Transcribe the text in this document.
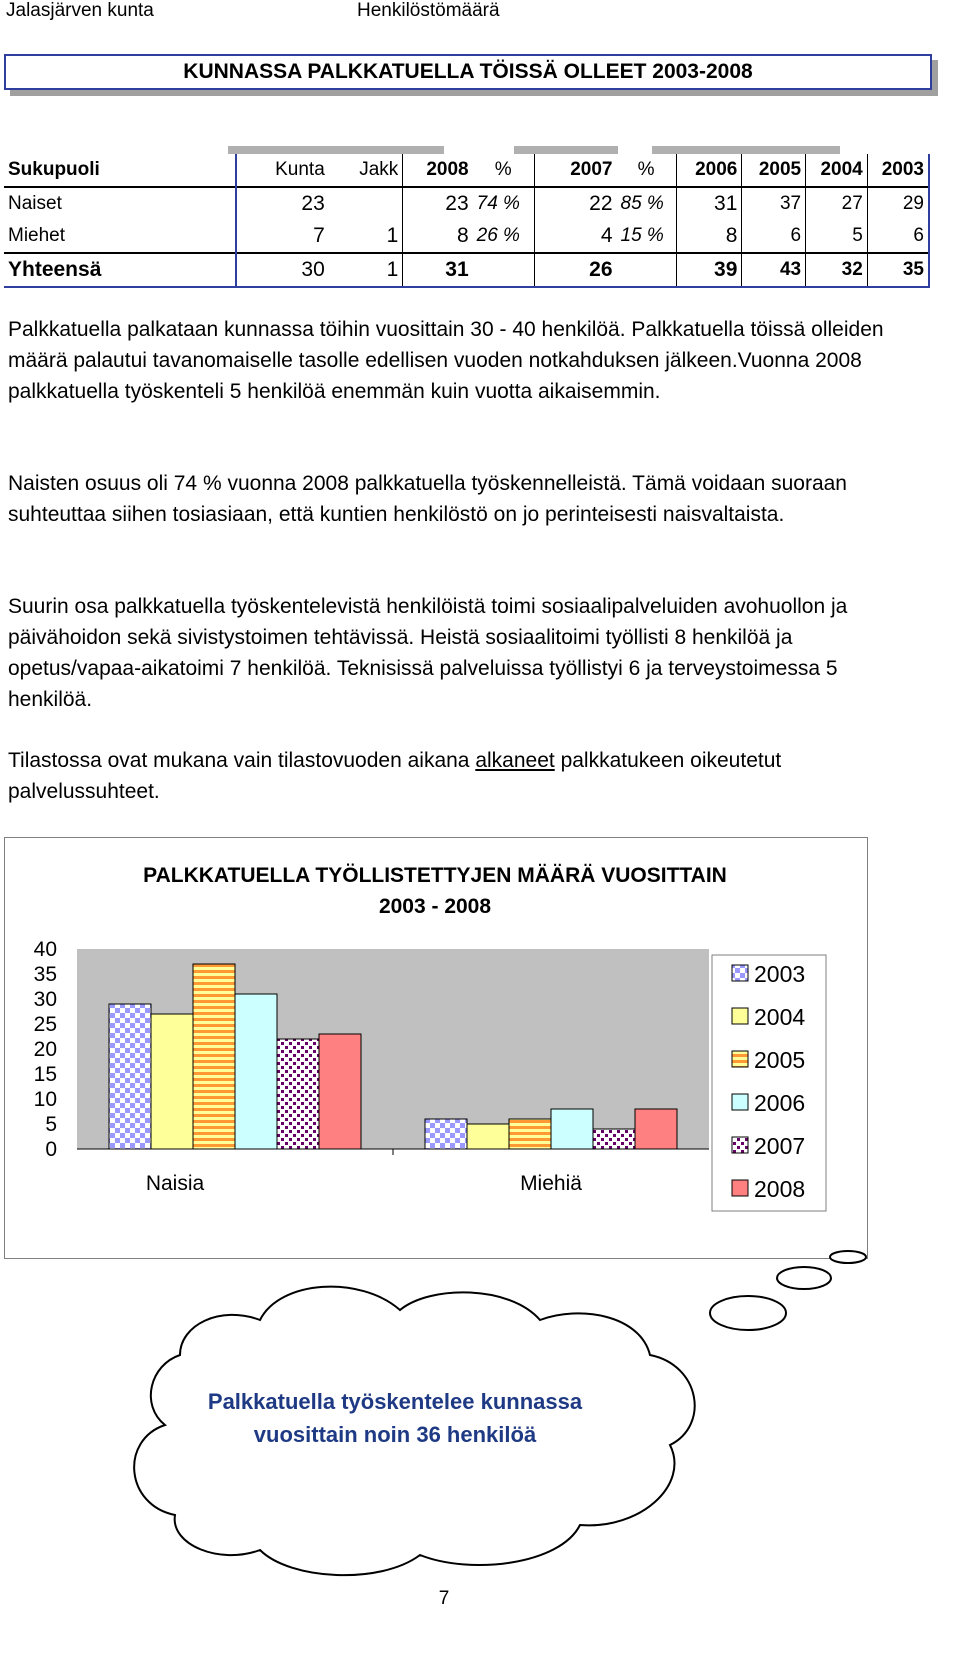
Jalasjärven kunta	Henkilöstömäärä
KUNNASSA PALKKATUELLA TÖISSÄ OLLEET 2003-2008
Sukupuoli	Kunta	Jakk	2008	%	2007	%	2006	2005	2004	2003
Naiset	23		23	74 %	22	85 %	31	37	27	29
Miehet	7	1	8	26 %	4	15 %	8	6	5	6
Yhteensä	30	1	31		26		39	43	32	35

Palkkatuella palkataan kunnassa töihin vuosittain 30 - 40 henkilöä. Palkkatuella töissä olleiden määrä palautui tavanomaiselle tasolle edellisen vuoden notkahduksen jälkeen.Vuonna 2008 palkkatuella työskenteli 5 henkilöä enemmän kuin vuotta aikaisemmin.

Naisten osuus oli 74 % vuonna 2008 palkkatuella työskennelleistä. Tämä voidaan suoraan suhteuttaa siihen tosiasiaan, että kuntien henkilöstö on jo perinteisesti naisvaltaista.

Suurin osa palkkatuella työskentelevistä henkilöistä toimi sosiaalipalveluiden avohuollon ja päivähoidon sekä sivistystoimen tehtävissä. Heistä sosiaalitoimi työllisti 8 henkilöä ja opetus/vapaa-aikatoimi 7 henkilöä. Teknisissä palveluissa työllistyi 6 ja terveystoimessa 5 henkilöä.

Tilastossa ovat mukana vain tilastovuoden aikana alkaneet palkkatukeen oikeutetut palvelussuhteet.

PALKKATUELLA TYÖLLISTETTYJEN MÄÄRÄ VUOSITTAIN
2003 - 2008
0
5
10
15
20
25
30
35
40
Naisia	Miehiä
2003
2004
2005
2006
2007
2008
Palkkatuella työskentelee kunnassa vuosittain noin 36 henkilöä
7
